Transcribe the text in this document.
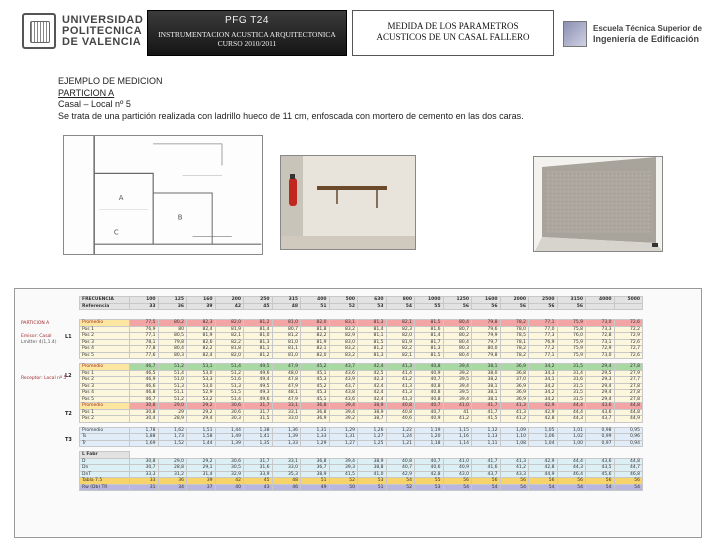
UNIVERSIDAD
POLITECNICA
DE VALENCIA
PFG T24
INSTRUMENTACION ACUSTICA ARQUITECTONICA
CURSO 2010/2011
MEDIDA DE LOS PARAMETROS
ACUSTICOS DE UN CASAL FALLERO
Escuela Técnica Superior de
Ingeniería de Edificación

EJEMPLO DE MEDICION

PARTICION A

Casal – Local nº 5

Se trata de una partición realizada con ladrillo hueco de 11 cm, enfoscada con mortero de cemento en las dos caras.

A
B
C
PARTICION A
Emisor: Casal
Lmitter 4(1,1.4)
Receptor: Local nº 5
L1
L2
T2
T3
FRECUENCIA	100	125	160	200	250	315	400	500	630	800	1000	1250	1600	2000	2500	3150	4000	5000
Referencia	33	36	39	42	45	48	51	52	53	54	55	56	56	56	56	56		

Promedio	77,5	80,2	82,3	82,0	81,2	81,0	82,0	83,1	81,3	82,1	81,5	80,4	79,8	78,2	77,1	75,9	73,0	72,6
Pos 1	76,9	80	82,4	81,9	81,4	80,7	81,8	83,2	81,4	82,3	81,6	80,7	79,6	78,0	77,0	75,8	73,3	72,2
Pos 2	77,1	80,5	81,9	82,1	81,0	81,2	82,2	82,9	81,1	82,0	81,4	80,2	79,9	78,5	77,3	76,0	72,8	72,9
Pos 3	78,1	79,8	82,6	82,2	81,3	81,0	81,9	83,0	81,5	81,9	81,7	80,4	79,7	78,1	76,9	75,9	73,1	72,6
Pos 4	77,8	80,4	82,2	81,8	81,1	81,1	82,1	83,2	81,2	82,2	81,3	80,3	80,0	78,2	77,2	75,9	72,9	72,7
Pos 5	77,6	80,3	82,4	82,0	81,2	81,0	82,0	83,2	81,3	82,1	81,5	80,4	79,8	78,2	77,1	75,9	73,0	72,6

Promedio	46,7	51,2	53,1	51,4	49,5	47,9	45,2	43,7	42,4	41,3	40,8	39,4	38,1	36,9	34,2	31,5	29,4	27,8
Pos 1	46,5	51,4	53,0	51,2	49,6	48,0	45,1	43,6	42,5	41,4	40,9	39,2	38,0	36,8	34,3	31,4	29,5	27,9
Pos 2	46,9	51,0	53,3	51,6	49,4	47,8	45,3	43,9	42,3	41,2	40,7	39,5	38,2	37,0	34,1	31,6	29,3	27,7
Pos 3	46,6	51,3	53,0	51,3	49,5	47,9	45,2	43,7	42,4	41,3	40,8	39,4	38,1	36,9	34,2	31,5	29,4	27,8
Pos 4	46,8	51,1	52,9	51,5	49,3	48,1	45,3	43,8	42,4	41,3	40,8	39,5	38,1	36,9	34,2	31,5	29,4	27,8
Pos 5	46,7	51,2	53,2	51,4	49,6	47,9	45,1	43,6	42,4	41,3	40,8	39,4	38,1	36,9	34,2	31,5	29,4	27,8
Promedio	30,8	29,0	29,2	30,6	31,7	33,1	36,8	39,4	38,9	40,8	40,7	41,0	41,7	41,3	42,9	44,4	43,6	44,8
Pos 1	30,8	29	29,2	30,6	31,7	33,1	36,8	39,4	38,9	40,8	40,7	41	41,7	41,3	42,9	44,4	43,6	44,8
Pos 2	30,4	28,9	29,4	30,3	31,5	33,0	36,9	39,2	38,7	40,6	40,9	41,2	41,5	41,2	42,8	44,3	43,7	44,9

Promedio	1,78	1,62	1,51	1,44	1,38	1,36	1,31	1,29	1,26	1,22	1,19	1,15	1,12	1,09	1,05	1,01	0,98	0,95
Ts	1,88	1,73	1,58	1,49	1,41	1,39	1,33	1,31	1,27	1,24	1,20	1,16	1,13	1,10	1,06	1,02	0,99	0,96
Tr	1,69	1,52	1,44	1,39	1,35	1,33	1,29	1,27	1,25	1,21	1,18	1,14	1,11	1,08	1,04	1,00	0,97	0,94

L Fabr																		
D	30,8	29,0	29,2	30,6	31,7	33,1	36,8	39,4	38,9	40,8	40,7	41,0	41,7	41,3	42,9	44,4	43,6	44,8
Dn	30,7	28,8	29,1	30,5	31,6	33,0	36,7	39,3	38,8	40,7	40,6	40,9	41,6	41,2	42,8	44,3	43,5	44,7
DnT	33,3	31,2	31,4	32,9	33,9	35,3	38,9	41,5	41,0	42,9	42,8	43,0	43,7	43,3	44,9	46,4	45,6	46,8
Tabla 7.5	33	36	39	42	45	48	51	52	53	54	55	56	56	56	56	56	56	56
Rw (Db) TR	31	34	37	40	43	46	49	50	51	52	53	54	54	54	54	54	54	54
